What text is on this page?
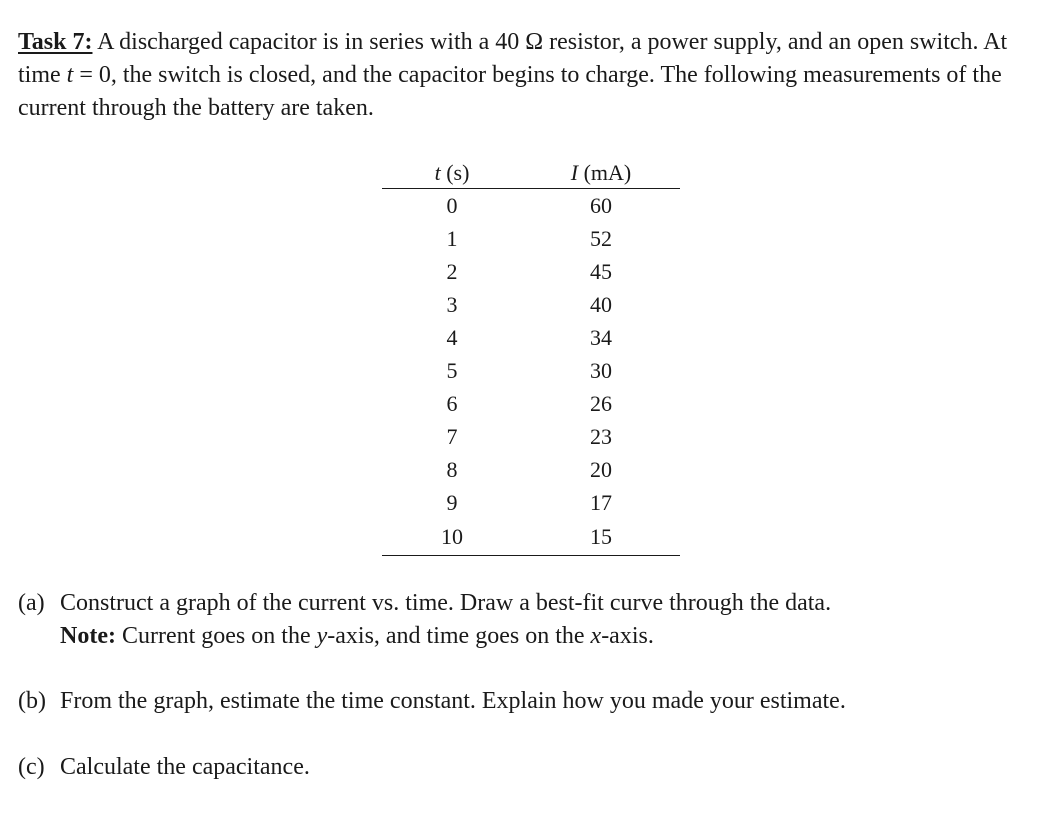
Task 7: A discharged capacitor is in series with a 40 Ω resistor, a power supply, and an open switch. At time t = 0, the switch is closed, and the capacitor begins to charge. The following measurements of the current through the battery are taken.
t (s)	I (mA)
0	60
1	52
2	45
3	40
4	34
5	30
6	26
7	23
8	20
9	17
10	15
(a) Construct a graph of the current vs. time. Draw a best-fit curve through the data.
Note: Current goes on the y-axis, and time goes on the x-axis.
(b) From the graph, estimate the time constant. Explain how you made your estimate.
(c) Calculate the capacitance.
